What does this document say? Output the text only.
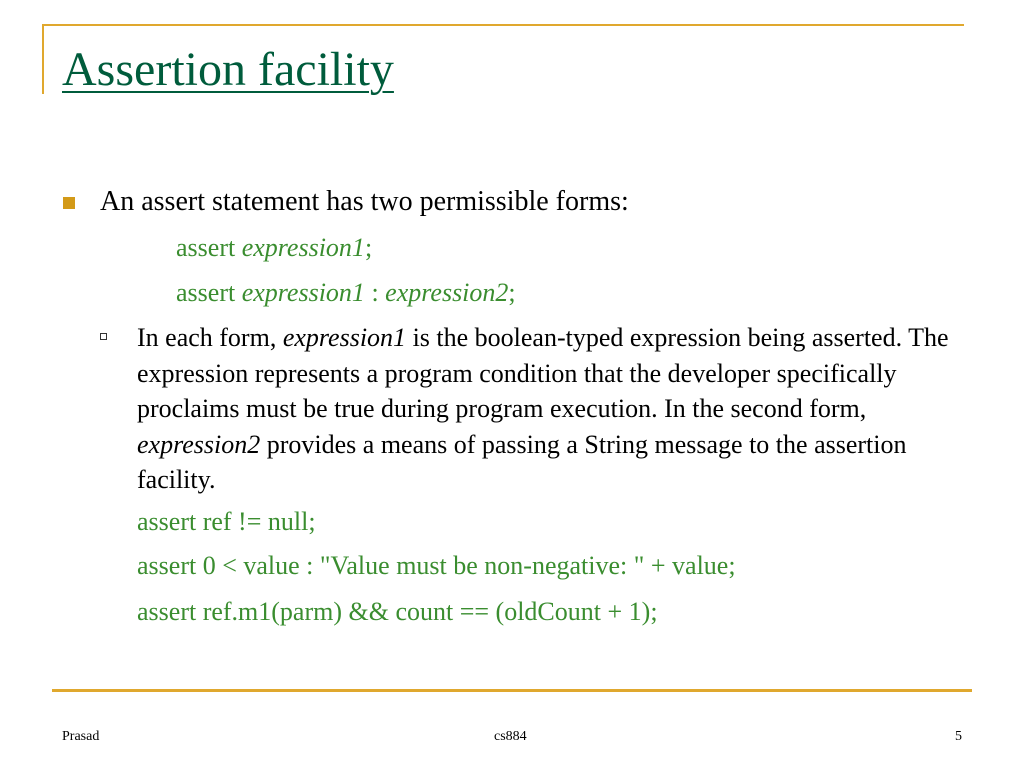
Assertion facility

An assert statement has two permissible forms:

assert expression1;

assert expression1 : expression2;

In each form, expression1 is the boolean-typed expression being asserted. The expression represents a program condition that the developer specifically proclaims must be true during program execution. In the second form, expression2 provides a means of passing a String message to the assertion facility.

assert ref != null;

assert 0 < value : "Value must be non-negative: " + value;

assert ref.m1(parm) && count == (oldCount + 1);

Prasad	cs884	5
